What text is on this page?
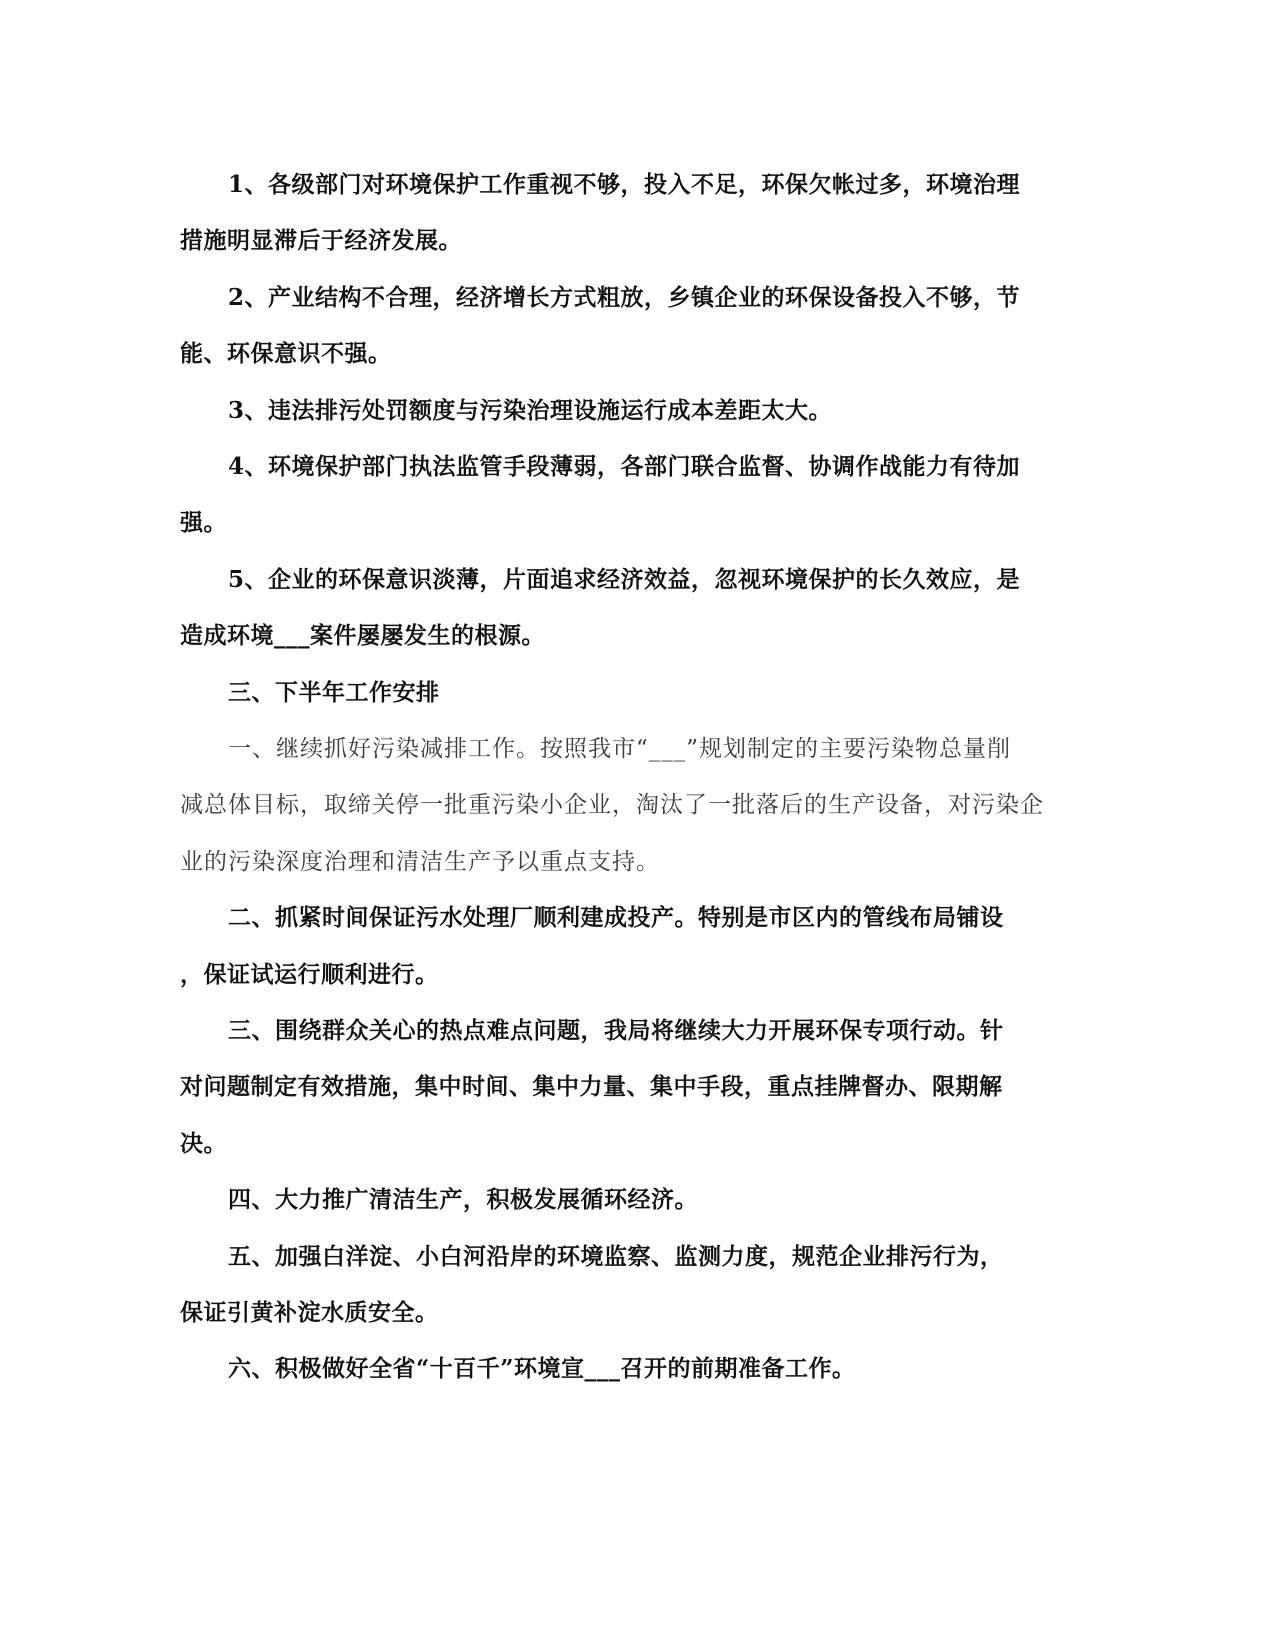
1、各级部门对环境保护工作重视不够，投入不足，环保欠帐过多，环境治理
措施明显滞后于经济发展。
2、产业结构不合理，经济增长方式粗放，乡镇企业的环保设备投入不够，节
能、环保意识不强。
3、违法排污处罚额度与污染治理设施运行成本差距太大。
4、环境保护部门执法监管手段薄弱，各部门联合监督、协调作战能力有待加
强。
5、企业的环保意识淡薄，片面追求经济效益，忽视环境保护的长久效应，是
造成环境___案件屡屡发生的根源。
三、下半年工作安排
一、继续抓好污染减排工作。按照我市“___”规划制定的主要污染物总量削
减总体目标，取缔关停一批重污染小企业，淘汰了一批落后的生产设备，对污染企
业的污染深度治理和清洁生产予以重点支持。
二、抓紧时间保证污水处理厂顺利建成投产。特别是市区内的管线布局铺设
，保证试运行顺利进行。
三、围绕群众关心的热点难点问题，我局将继续大力开展环保专项行动。针
对问题制定有效措施，集中时间、集中力量、集中手段，重点挂牌督办、限期解
决。
四、大力推广清洁生产，积极发展循环经济。
五、加强白洋淀、小白河沿岸的环境监察、监测力度，规范企业排污行为，
保证引黄补淀水质安全。
六、积极做好全省“十百千”环境宣___召开的前期准备工作。
